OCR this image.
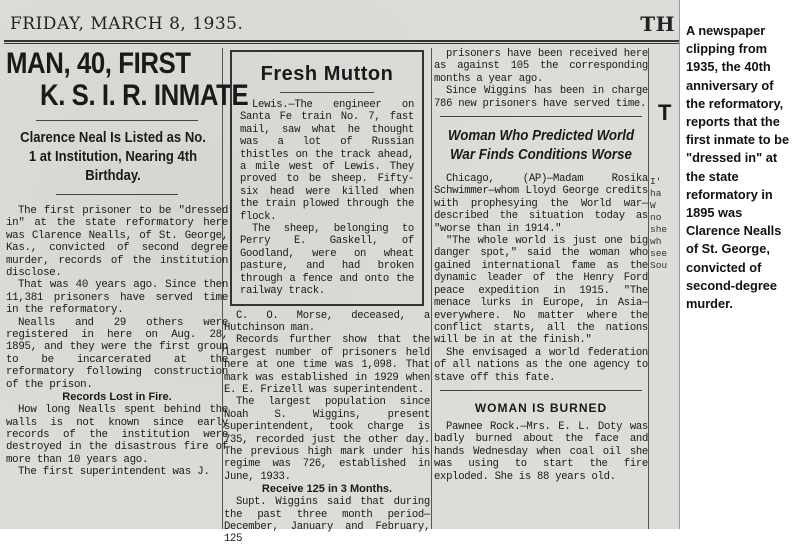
FRIDAY, MARCH 8, 1935.	TH
MAN, 40, FIRST
K. S. I. R. INMATE
Clarence Neal Is Listed as No. 1 at Institution, Nearing 4th Birthday.

The first prisoner to be "dressed in" at the state reformatory here was Clarence Nealls, of St. George, Kas., convicted of second degree murder, records of the institution disclose.

That was 40 years ago. Since then 11,381 prisoners have served time in the reformatory.

Nealls and 29 others were registered in here on Aug. 28, 1895, and they were the first group to be incarcerated at the reformatory following construction of the prison.

Records Lost in Fire.

How long Nealls spent behind the walls is not known since early records of the institution were destroyed in the disastrous fire of more than 10 years ago.

The first superintendent was J.

Fresh Mutton

Lewis.—The engineer on Santa Fe train No. 7, fast mail, saw what he thought was a lot of Russian thistles on the track ahead, a mile west of Lewis. They proved to be sheep. Fifty-six head were killed when the train plowed through the flock.

The sheep, belonging to Perry E. Gaskell, of Goodland, were on wheat pasture, and had broken through a fence and onto the railway track.

C. O. Morse, deceased, a Hutchinson man.

Records further show that the largest number of prisoners held here at one time was 1,098. That mark was established in 1929 when E. E. Frizell was superintendent.

The largest population since Noah S. Wiggins, present superintendent, took charge is 735, recorded just the other day. The previous high mark under his regime was 726, established in June, 1933.

Receive 125 in 3 Months.

Supt. Wiggins said that during the past three month period—December, January and February, 125

prisoners have been received here as against 105 the corresponding months a year ago.

Since Wiggins has been in charge 786 new prisoners have served time.

Woman Who Predicted World War Finds Conditions Worse

Chicago, (AP)—Madam Rosika Schwimmer—whom Lloyd George credits with prophesying the World war—described the situation today as "worse than in 1914."

"The whole world is just one big danger spot," said the woman who gained international fame as the dynamic leader of the Henry Ford peace expedition in 1915. "The menace lurks in Europe, in Asia—everywhere. No matter where the conflict starts, all the nations will be in at the finish."

She envisaged a world federation of all nations as the one agency to stave off this fate.

WOMAN IS BURNED

Pawnee Rock.—Mrs. E. L. Doty was badly burned about the face and hands Wednesday when coal oil she was using to start the fire exploded. She is 88 years old.

T
I'
ha
W
no
she
wh
see
Sou
A newspaper clipping from 1935, the 40th anniversary of the reformatory, reports that the first inmate to be "dressed in" at the state reformatory in 1895 was Clarence Nealls of St. George, convicted of second-degree murder.
